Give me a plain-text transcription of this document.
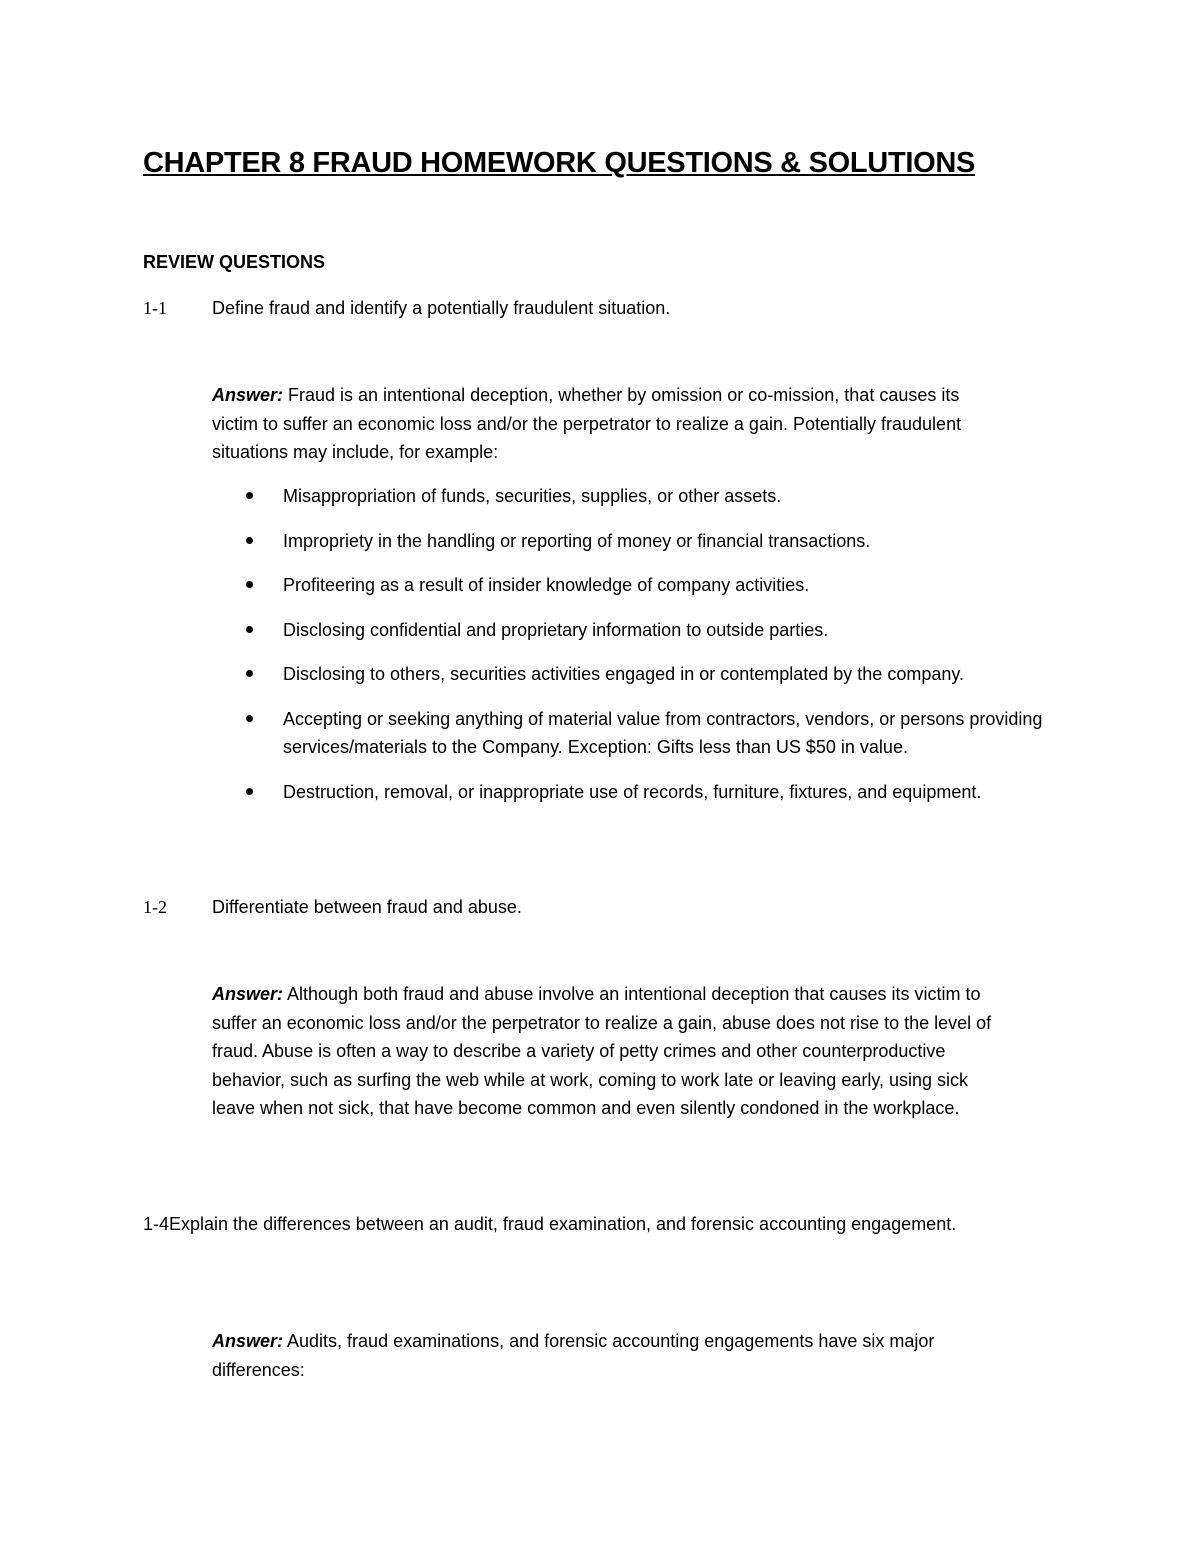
CHAPTER 8 FRAUD HOMEWORK QUESTIONS & SOLUTIONS
REVIEW QUESTIONS
1-1	Define fraud and identify a potentially fraudulent situation.
Answer: Fraud is an intentional deception, whether by omission or co-mission, that causes its victim to suffer an economic loss and/or the perpetrator to realize a gain. Potentially fraudulent situations may include, for example:
Misappropriation of funds, securities, supplies, or other assets.
Impropriety in the handling or reporting of money or financial transactions.
Profiteering as a result of insider knowledge of company activities.
Disclosing confidential and proprietary information to outside parties.
Disclosing to others, securities activities engaged in or contemplated by the company.
Accepting or seeking anything of material value from contractors, vendors, or persons providing services/materials to the Company. Exception: Gifts less than US $50 in value.
Destruction, removal, or inappropriate use of records, furniture, fixtures, and equipment.
1-2	Differentiate between fraud and abuse.
Answer: Although both fraud and abuse involve an intentional deception that causes its victim to suffer an economic loss and/or the perpetrator to realize a gain, abuse does not rise to the level of fraud. Abuse is often a way to describe a variety of petty crimes and other counterproductive behavior, such as surfing the web while at work, coming to work late or leaving early, using sick leave when not sick, that have become common and even silently condoned in the workplace.
1-4Explain the differences between an audit, fraud examination, and forensic accounting engagement.
Answer: Audits, fraud examinations, and forensic accounting engagements have six major differences:
